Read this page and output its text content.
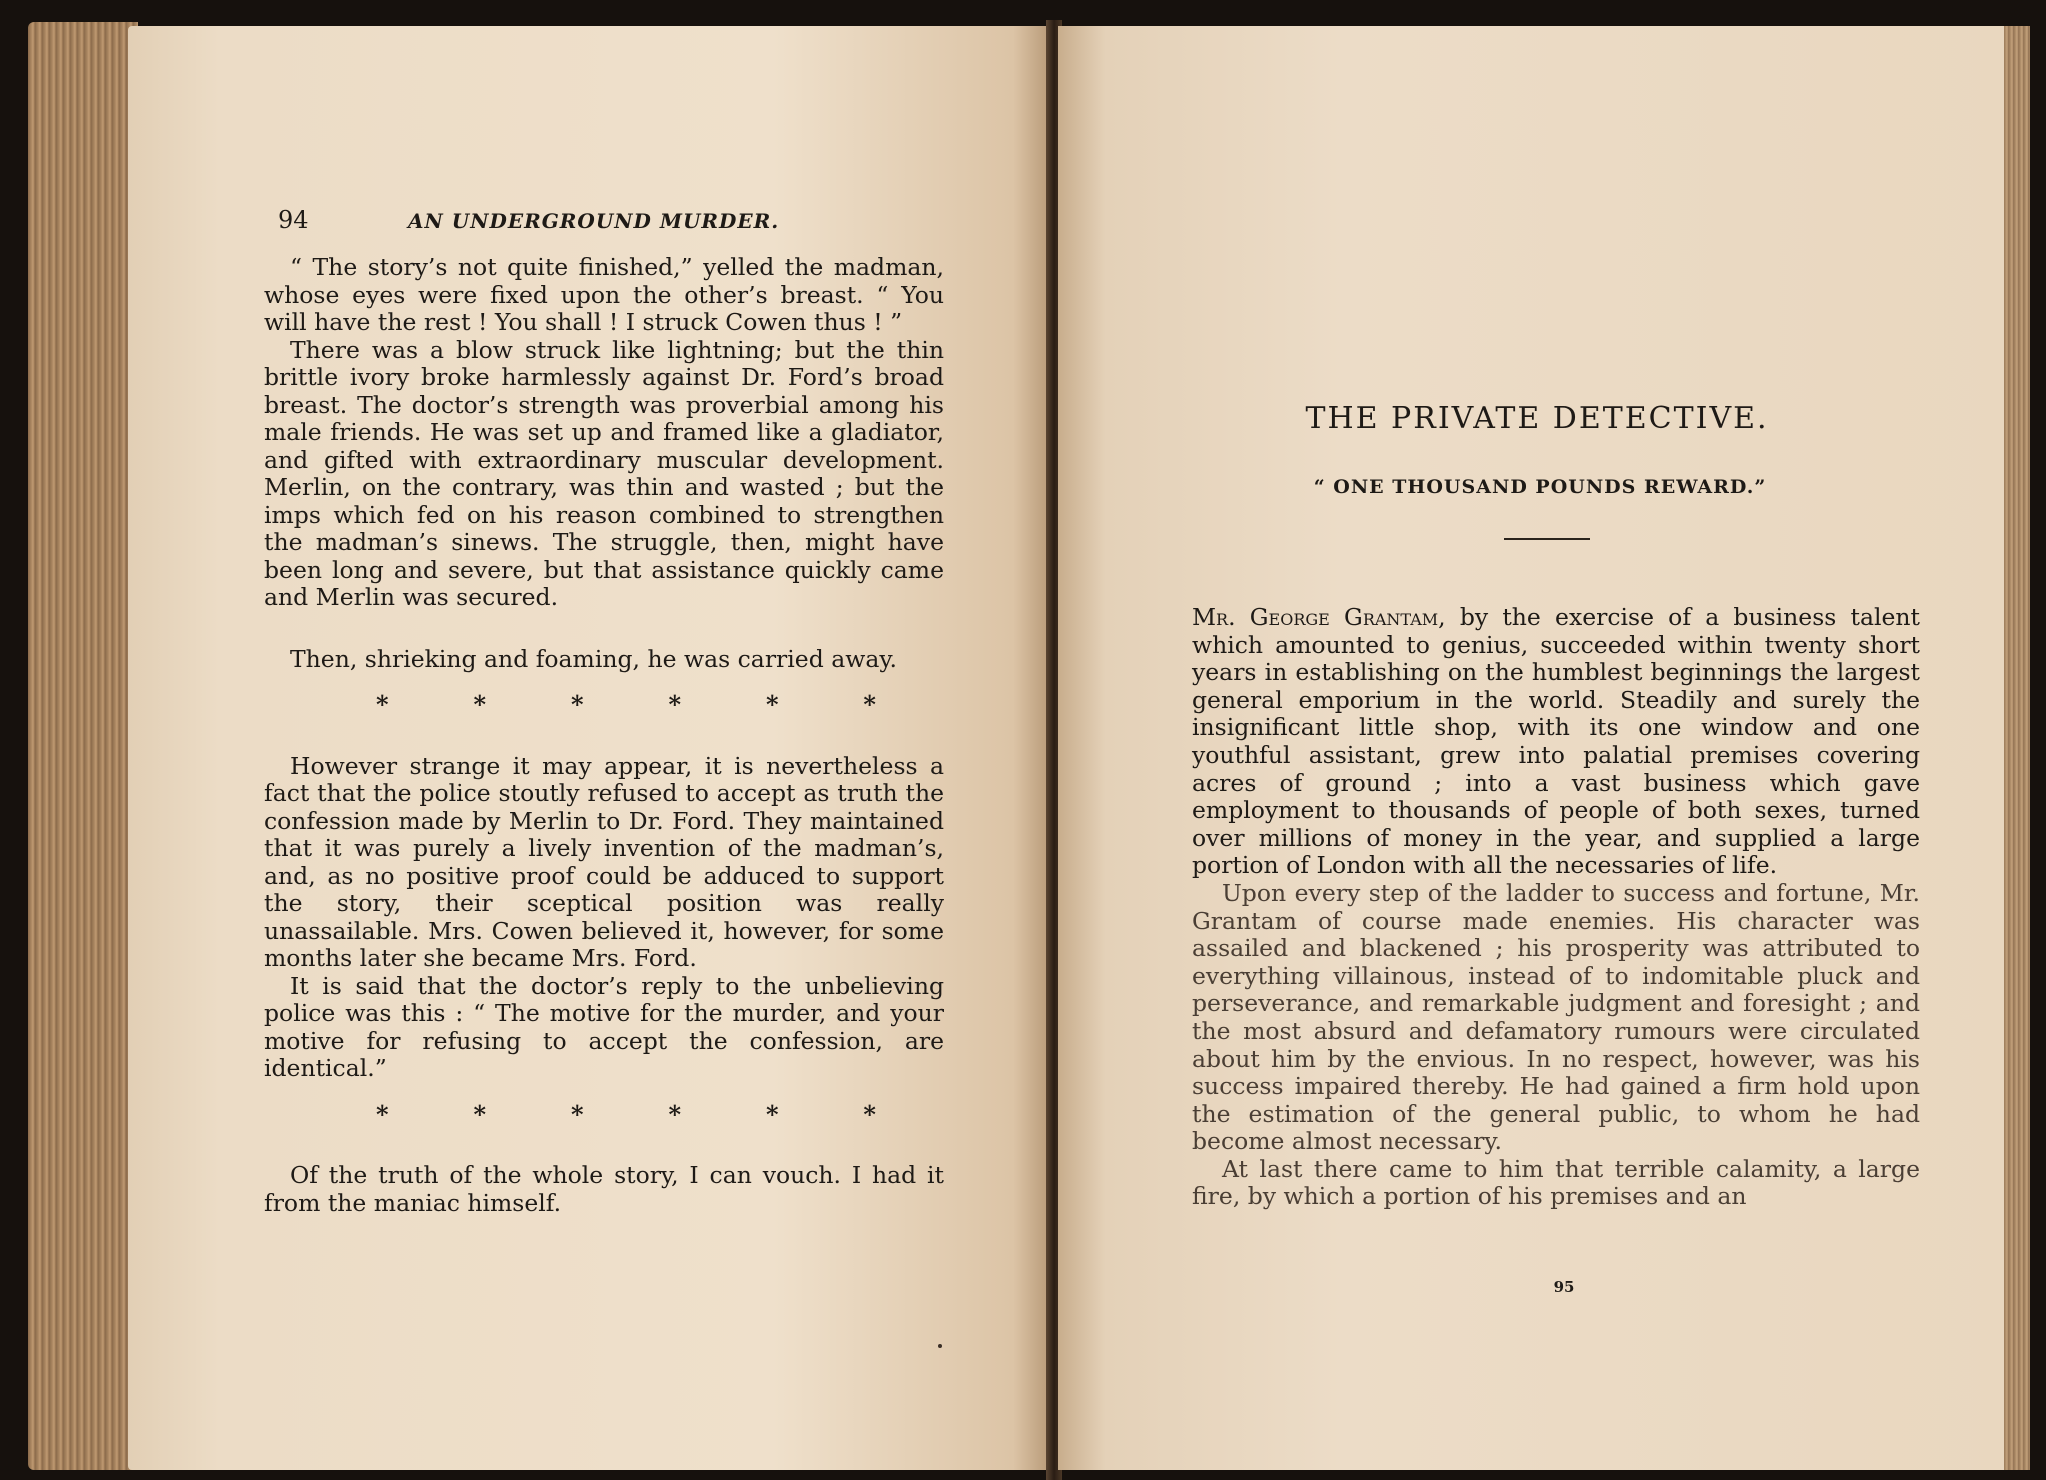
94	AN UNDERGROUND MURDER.

“ The story’s not quite finished,” yelled the madman, whose eyes were fixed upon the other’s breast. “ You will have the rest ! You shall ! I struck Cowen thus ! ”

There was a blow struck like lightning; but the thin brittle ivory broke harmlessly against Dr. Ford’s broad breast. The doctor’s strength was proverbial among his male friends. He was set up and framed like a gladiator, and gifted with extraordinary muscular development. Merlin, on the contrary, was thin and wasted ; but the imps which fed on his reason combined to strengthen the madman’s sinews. The struggle, then, might have been long and severe, but that assistance quickly came and Merlin was secured.

Then, shrieking and foaming, he was carried away.

*	*	*	*	*	*

However strange it may appear, it is nevertheless a fact that the police stoutly refused to accept as truth the confession made by Merlin to Dr. Ford. They maintained that it was purely a lively invention of the madman’s, and, as no positive proof could be adduced to support the story, their sceptical position was really unassailable. Mrs. Cowen believed it, however, for some months later she became Mrs. Ford.

It is said that the doctor’s reply to the unbelieving police was this : “ The motive for the murder, and your motive for refusing to accept the confession, are identical.”

*	*	*	*	*	*

Of the truth of the whole story, I can vouch. I had it from the maniac himself.

THE PRIVATE DETECTIVE.
“ ONE THOUSAND POUNDS REWARD.”

Mr. George Grantam, by the exercise of a business talent which amounted to genius, succeeded within twenty short years in establishing on the humblest beginnings the largest general emporium in the world. Steadily and surely the insignificant little shop, with its one window and one youthful assistant, grew into palatial premises covering acres of ground ; into a vast business which gave employment to thousands of people of both sexes, turned over millions of money in the year, and supplied a large portion of London with all the necessaries of life.

Upon every step of the ladder to success and fortune, Mr. Grantam of course made enemies. His character was assailed and blackened ; his prosperity was attributed to everything villainous, instead of to indomitable pluck and perseverance, and remarkable judgment and foresight ; and the most absurd and defamatory rumours were circulated about him by the envious. In no respect, however, was his success impaired thereby. He had gained a firm hold upon the estimation of the general public, to whom he had become almost necessary.

At last there came to him that terrible calamity, a large fire, by which a portion of his premises and an

95
